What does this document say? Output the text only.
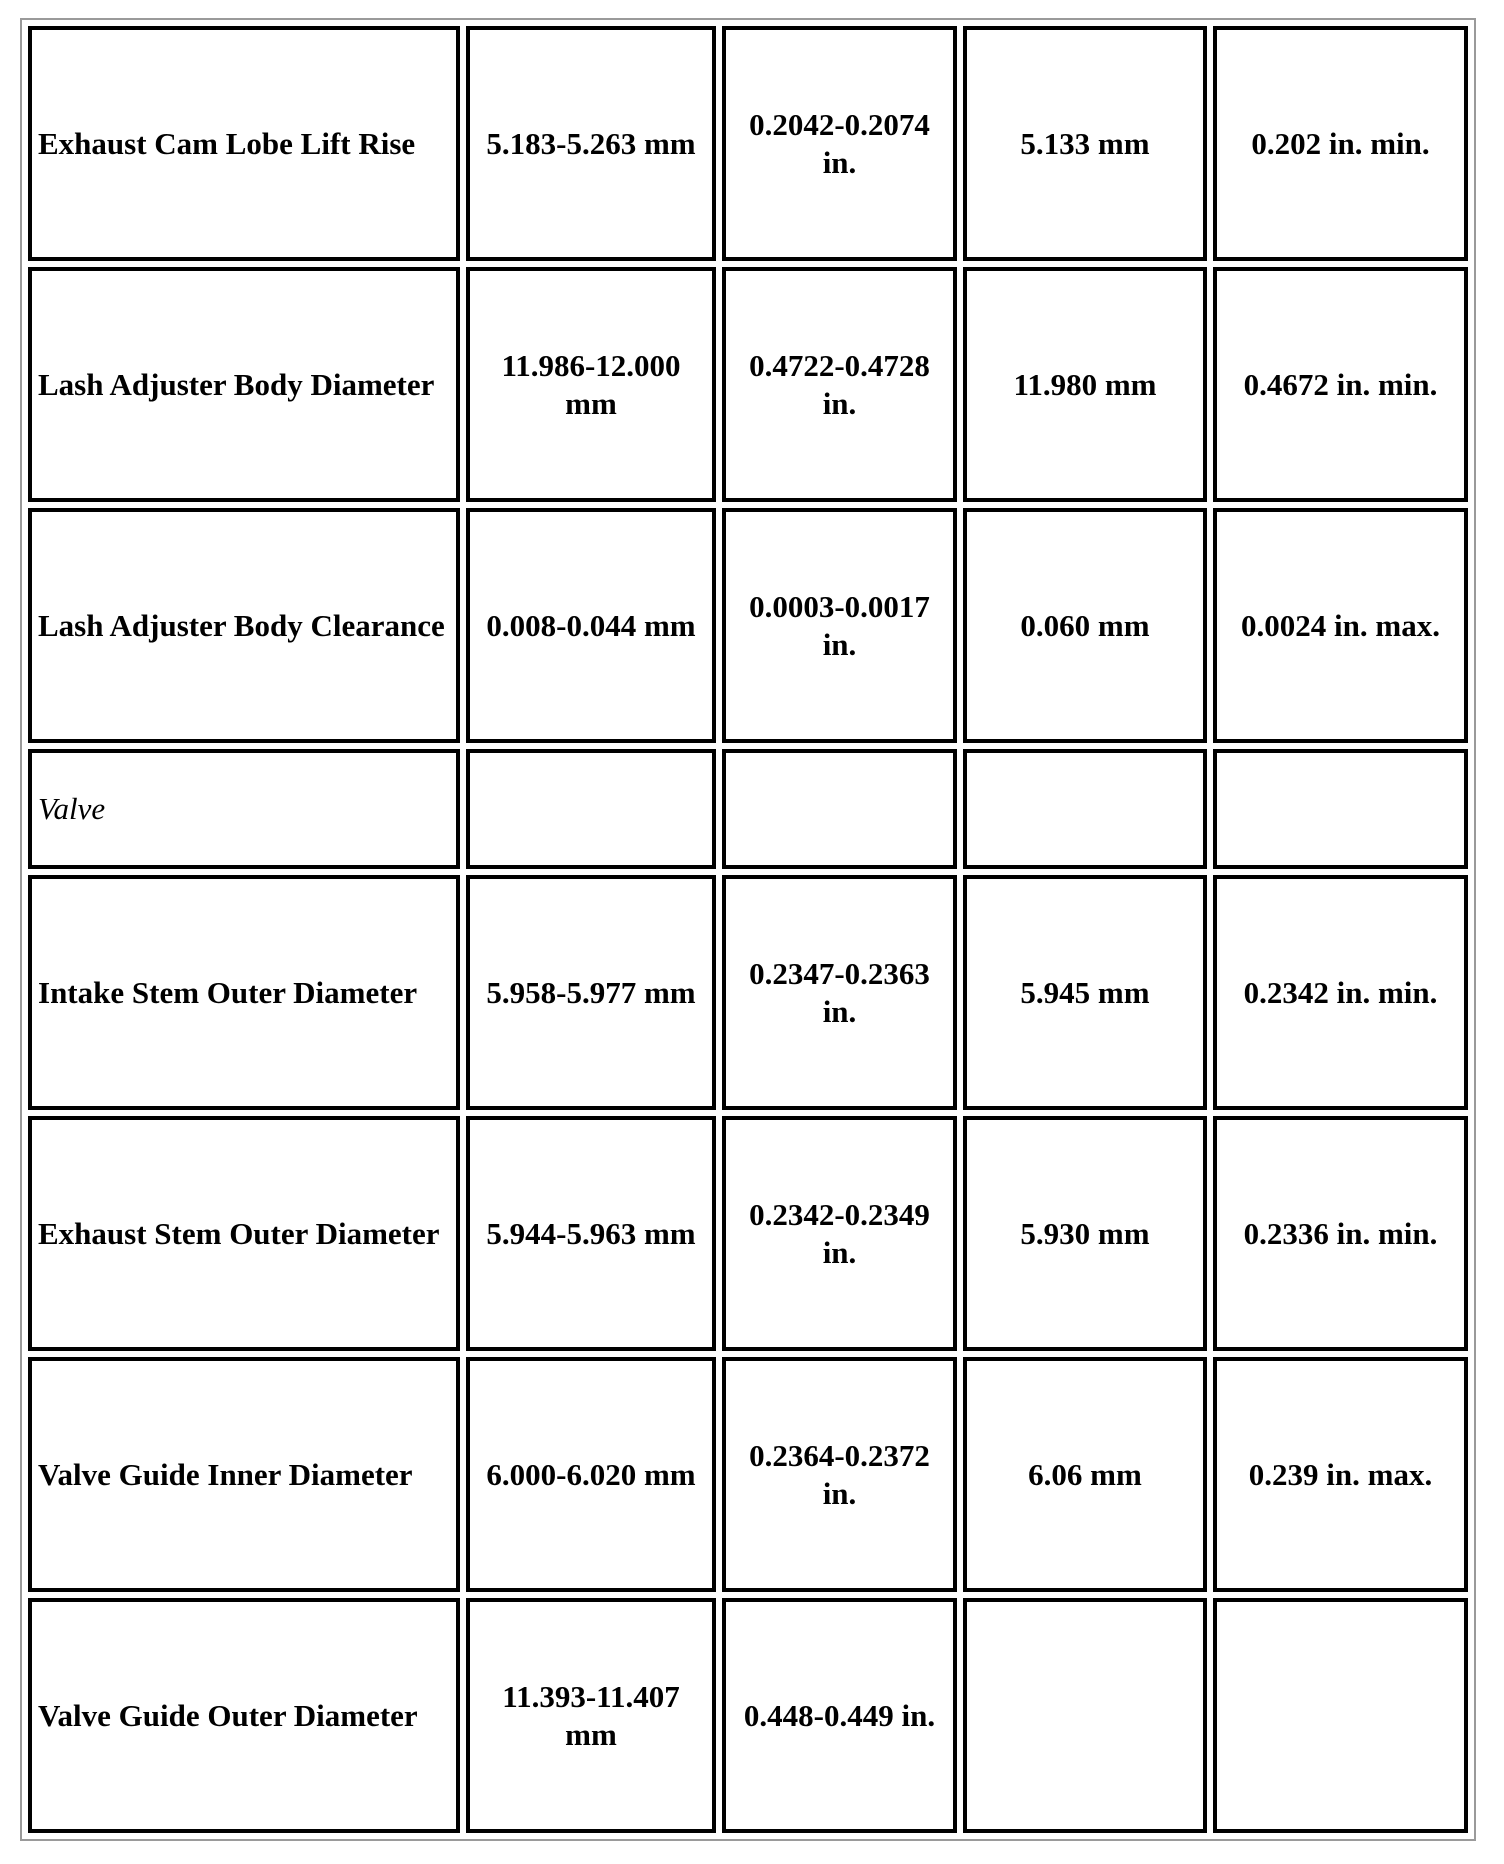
Exhaust Cam Lobe Lift Rise	5.183-5.263 mm	0.2042-0.2074 in.	5.133 mm	0.202 in. min.
Lash Adjuster Body Diameter	11.986-12.000 mm	0.4722-0.4728 in.	11.980 mm	0.4672 in. min.
Lash Adjuster Body Clearance	0.008-0.044 mm	0.0003-0.0017 in.	0.060 mm	0.0024 in. max.
Valve				
Intake Stem Outer Diameter	5.958-5.977 mm	0.2347-0.2363 in.	5.945 mm	0.2342 in. min.
Exhaust Stem Outer Diameter	5.944-5.963 mm	0.2342-0.2349 in.	5.930 mm	0.2336 in. min.
Valve Guide Inner Diameter	6.000-6.020 mm	0.2364-0.2372 in.	6.06 mm	0.239 in. max.
Valve Guide Outer Diameter	11.393-11.407 mm	0.448-0.449 in.		
